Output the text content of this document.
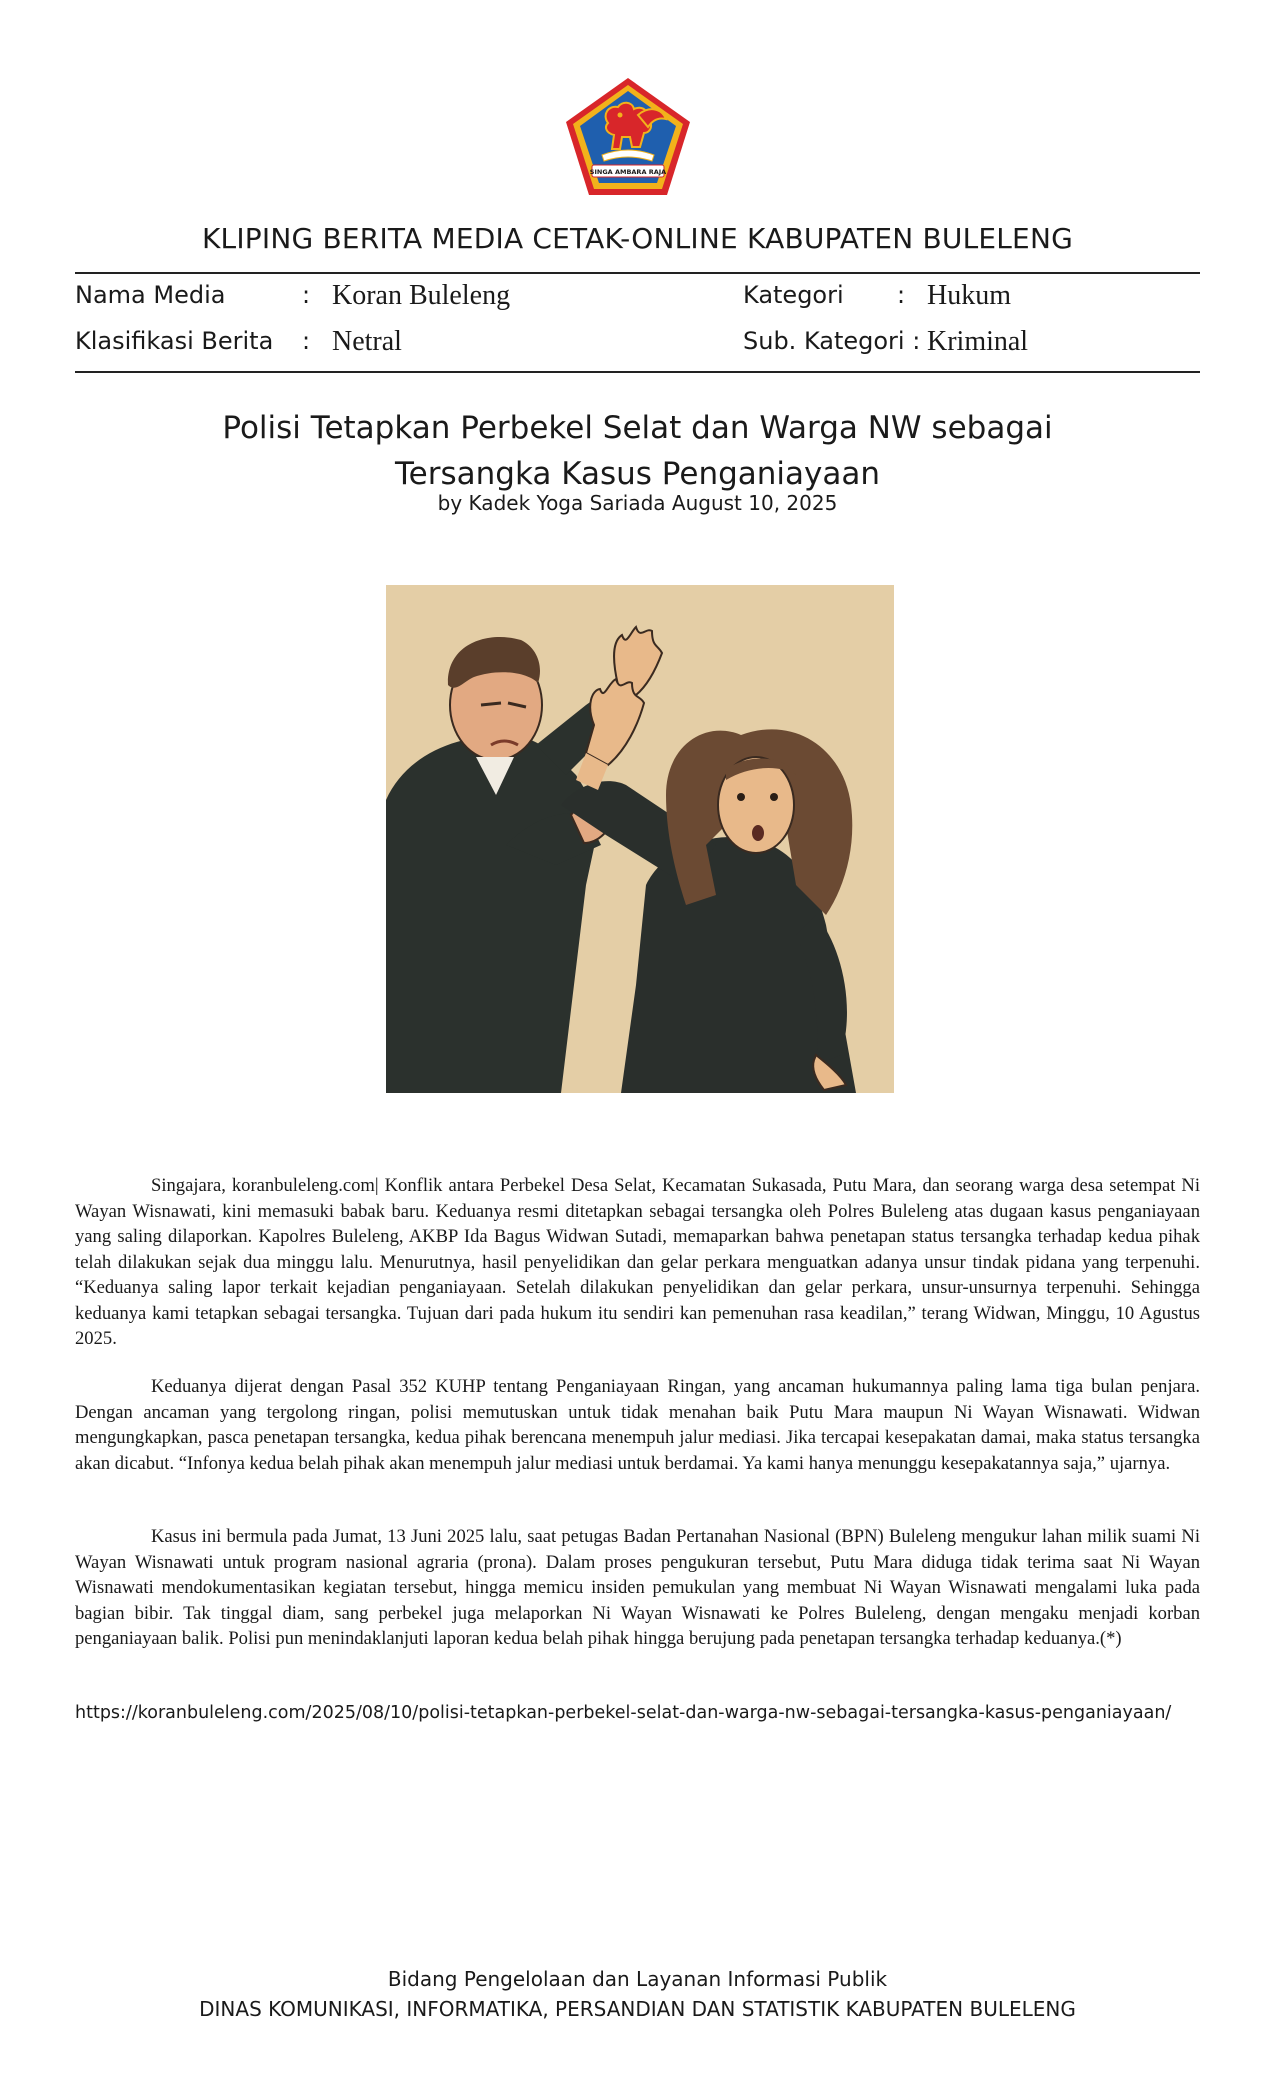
SINGA AMBARA RAJA
KLIPING BERITA MEDIA CETAK-ONLINE KABUPATEN BULELENG
Nama Media	: Koran Buleleng
Klasifikasi Berita : Netral
Kategori : Hukum
Sub. Kategori : Kriminal
Polisi Tetapkan Perbekel Selat dan Warga NW sebagai
Tersangka Kasus Penganiayaan
by Kadek Yoga Sariada August 10, 2025
Singajara, koranbuleleng.com| Konflik antara Perbekel Desa Selat, Kecamatan Sukasada, Putu Mara, dan seorang warga desa setempat Ni Wayan Wisnawati, kini memasuki babak baru. Keduanya resmi ditetapkan sebagai tersangka oleh Polres Buleleng atas dugaan kasus penganiayaan yang saling dilaporkan. Kapolres Buleleng, AKBP Ida Bagus Widwan Sutadi, memaparkan bahwa penetapan status tersangka terhadap kedua pihak telah dilakukan sejak dua minggu lalu. Menurutnya, hasil penyelidikan dan gelar perkara menguatkan adanya unsur tindak pidana yang terpenuhi. “Keduanya saling lapor terkait kejadian penganiayaan. Setelah dilakukan penyelidikan dan gelar perkara, unsur-unsurnya terpenuhi. Sehingga keduanya kami tetapkan sebagai tersangka. Tujuan dari pada hukum itu sendiri kan pemenuhan rasa keadilan,” terang Widwan, Minggu, 10 Agustus 2025.
Keduanya dijerat dengan Pasal 352 KUHP tentang Penganiayaan Ringan, yang ancaman hukumannya paling lama tiga bulan penjara. Dengan ancaman yang tergolong ringan, polisi memutuskan untuk tidak menahan baik Putu Mara maupun Ni Wayan Wisnawati. Widwan mengungkapkan, pasca penetapan tersangka, kedua pihak berencana menempuh jalur mediasi. Jika tercapai kesepakatan damai, maka status tersangka akan dicabut. “Infonya kedua belah pihak akan menempuh jalur mediasi untuk berdamai. Ya kami hanya menunggu kesepakatannya saja,” ujarnya.
Kasus ini bermula pada Jumat, 13 Juni 2025 lalu, saat petugas Badan Pertanahan Nasional (BPN) Buleleng mengukur lahan milik suami Ni Wayan Wisnawati untuk program nasional agraria (prona). Dalam proses pengukuran tersebut, Putu Mara diduga tidak terima saat Ni Wayan Wisnawati mendokumentasikan kegiatan tersebut, hingga memicu insiden pemukulan yang membuat Ni Wayan Wisnawati mengalami luka pada bagian bibir. Tak tinggal diam, sang perbekel juga melaporkan Ni Wayan Wisnawati ke Polres Buleleng, dengan mengaku menjadi korban penganiayaan balik. Polisi pun menindaklanjuti laporan kedua belah pihak hingga berujung pada penetapan tersangka terhadap keduanya.(*)
https://koranbuleleng.com/2025/08/10/polisi-tetapkan-perbekel-selat-dan-warga-nw-sebagai-tersangka-kasus-penganiayaan/
Bidang Pengelolaan dan Layanan Informasi Publik
DINAS KOMUNIKASI, INFORMATIKA, PERSANDIAN DAN STATISTIK KABUPATEN BULELENG
